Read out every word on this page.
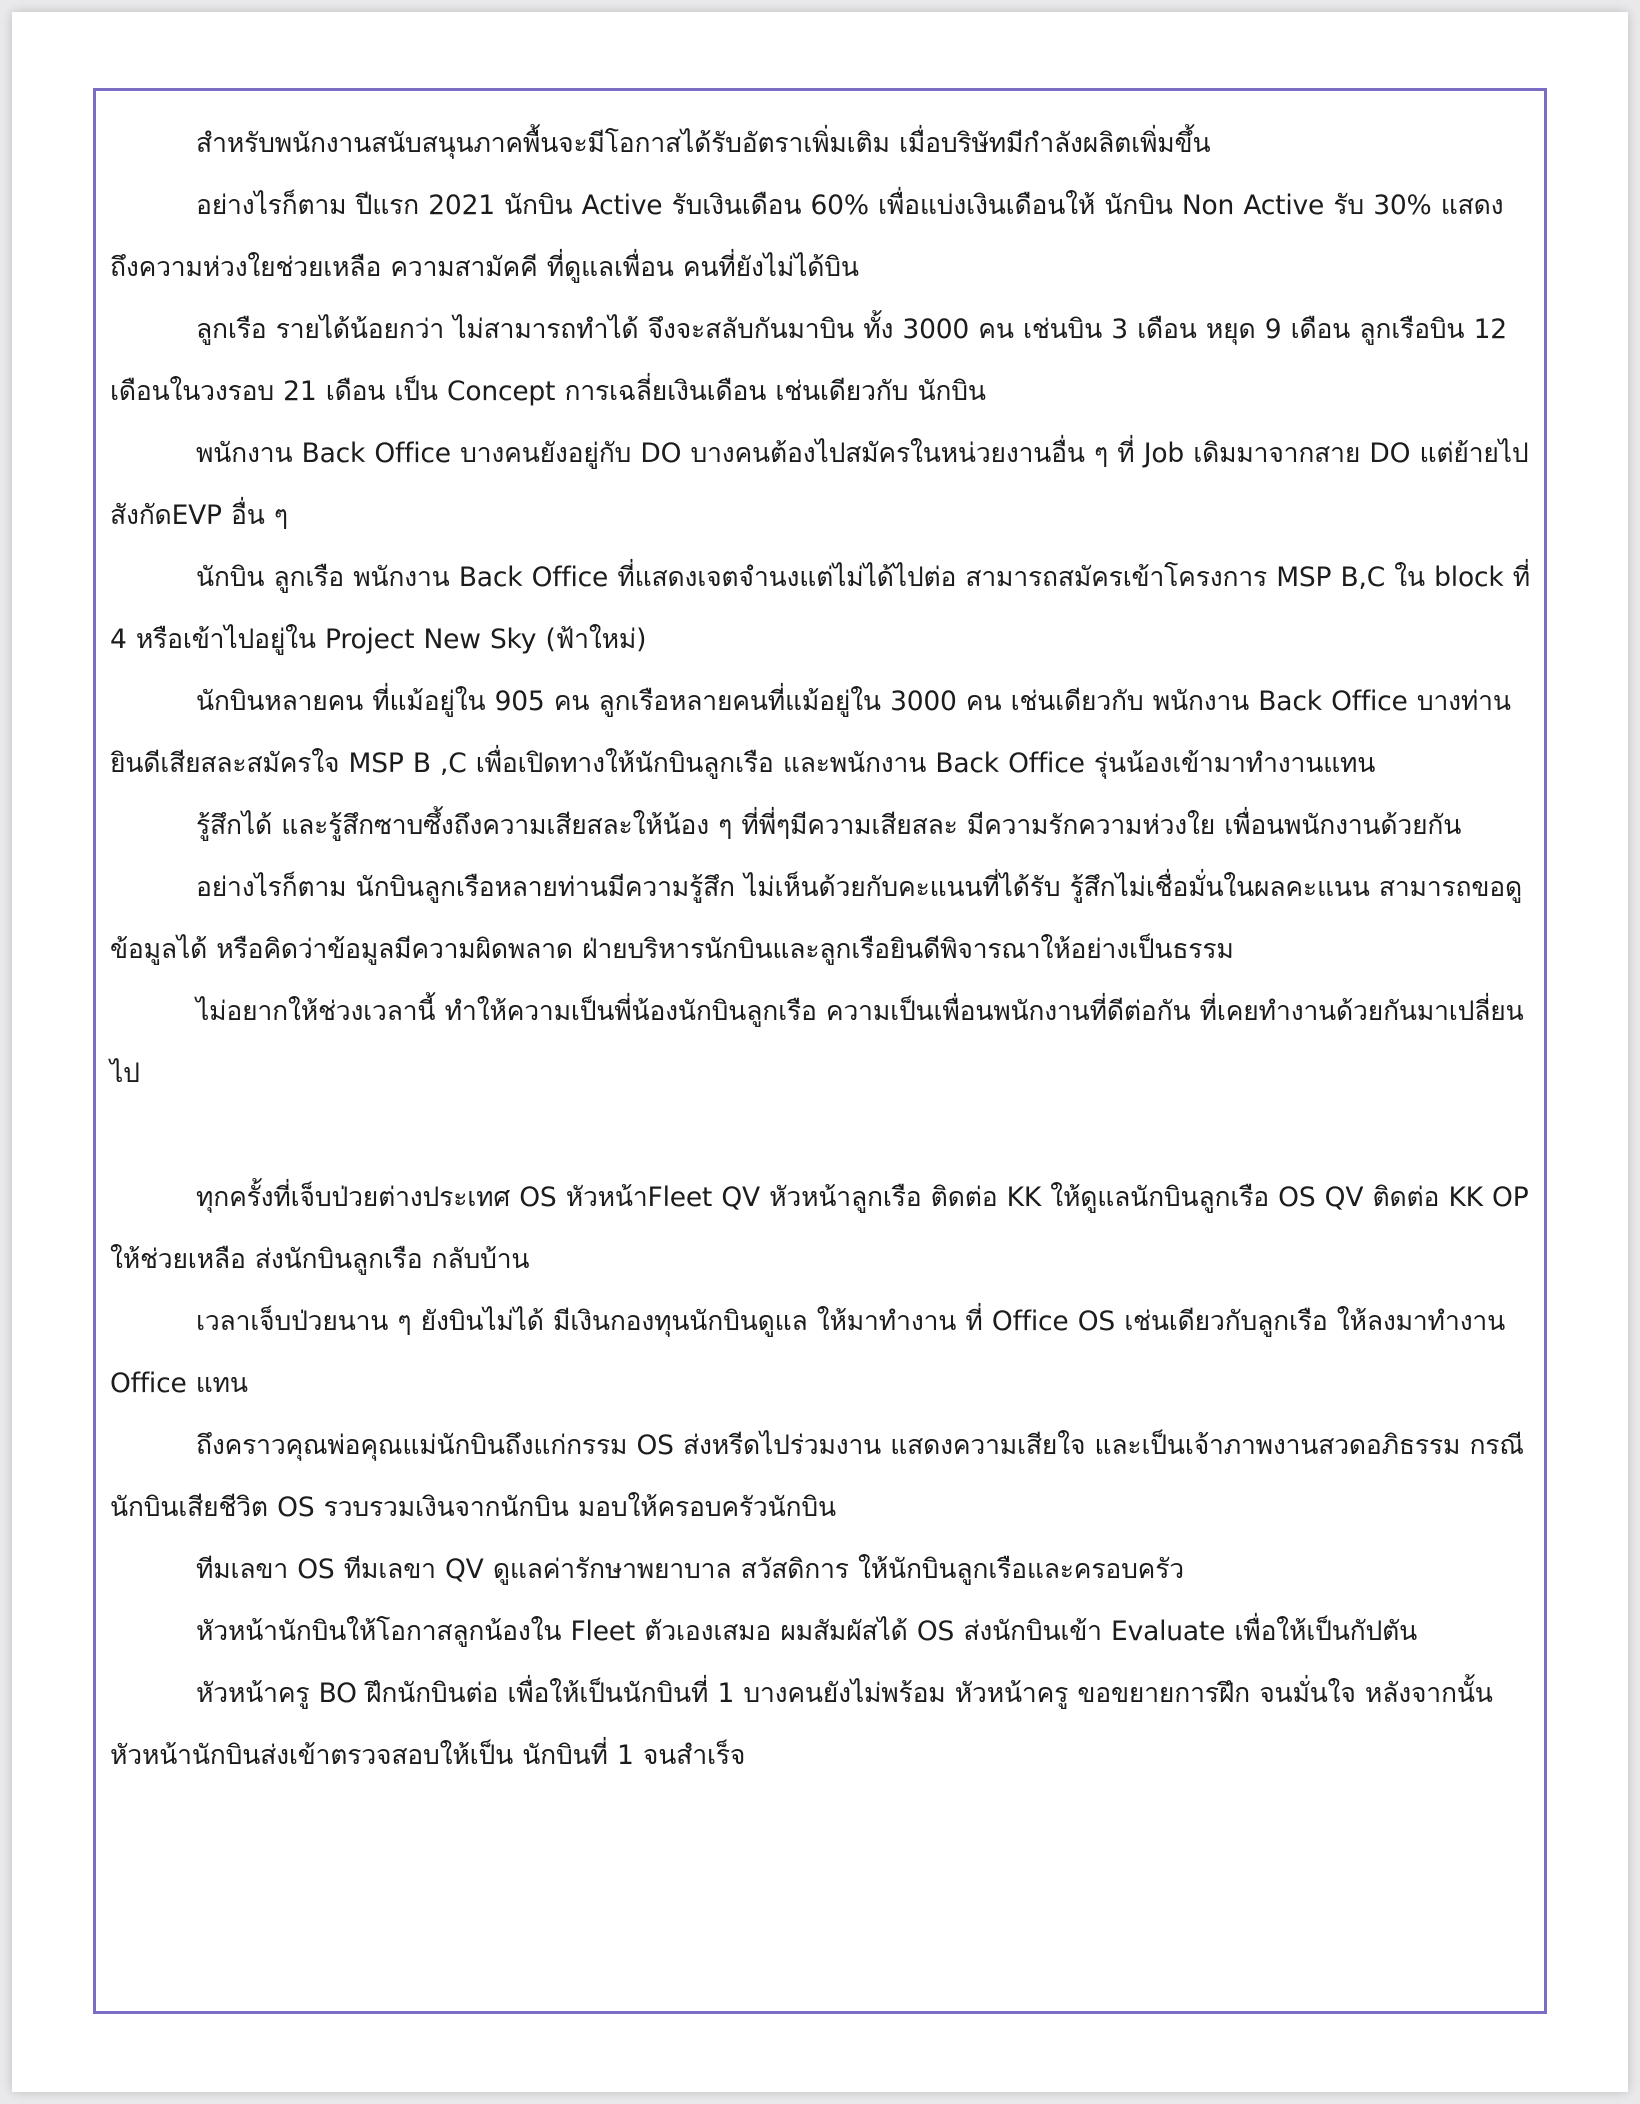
สำหรับพนักงานสนับสนุนภาคพื้นจะมีโอกาสได้รับอัตราเพิ่มเติม เมื่อบริษัทมีกำลังผลิตเพิ่มขึ้น

อย่างไรก็ตาม ปีแรก 2021 นักบิน Active รับเงินเดือน 60% เพื่อแบ่งเงินเดือนให้ นักบิน Non Active รับ 30% แสดงถึงความห่วงใยช่วยเหลือ ความสามัคคี ที่ดูแลเพื่อน คนที่ยังไม่ได้บิน

ลูกเรือ รายได้น้อยกว่า ไม่สามารถทำได้ จึงจะสลับกันมาบิน ทั้ง 3000 คน เช่นบิน 3 เดือน หยุด 9 เดือน ลูกเรือบิน 12 เดือนในวงรอบ 21 เดือน เป็น Concept การเฉลี่ยเงินเดือน เช่นเดียวกับ นักบิน

พนักงาน Back Office บางคนยังอยู่กับ DO บางคนต้องไปสมัครในหน่วยงานอื่น ๆ ที่ Job เดิมมาจากสาย DO แต่ย้ายไปสังกัดEVP อื่น ๆ

นักบิน ลูกเรือ พนักงาน Back Office ที่แสดงเจตจำนงแต่ไม่ได้ไปต่อ สามารถสมัครเข้าโครงการ MSP B,C ใน block ที่ 4 หรือเข้าไปอยู่ใน Project New Sky (ฟ้าใหม่)

นักบินหลายคน ที่แม้อยู่ใน 905 คน ลูกเรือหลายคนที่แม้อยู่ใน 3000 คน เช่นเดียวกับ พนักงาน Back Office บางท่าน ยินดีเสียสละสมัครใจ MSP B ,C เพื่อเปิดทางให้นักบินลูกเรือ และพนักงาน Back Office รุ่นน้องเข้ามาทำงานแทน

รู้สึกได้ และรู้สึกซาบซึ้งถึงความเสียสละให้น้อง ๆ ที่พี่ๆมีความเสียสละ มีความรักความห่วงใย เพื่อนพนักงานด้วยกัน

อย่างไรก็ตาม นักบินลูกเรือหลายท่านมีความรู้สึก ไม่เห็นด้วยกับคะแนนที่ได้รับ รู้สึกไม่เชื่อมั่นในผลคะแนน สามารถขอดูข้อมูลได้ หรือคิดว่าข้อมูลมีความผิดพลาด ฝ่ายบริหารนักบินและลูกเรือยินดีพิจารณาให้อย่างเป็นธรรม

ไม่อยากให้ช่วงเวลานี้ ทำให้ความเป็นพี่น้องนักบินลูกเรือ ความเป็นเพื่อนพนักงานที่ดีต่อกัน ที่เคยทำงานด้วยกันมาเปลี่ยนไป

ทุกครั้งที่เจ็บป่วยต่างประเทศ OS หัวหน้าFleet QV หัวหน้าลูกเรือ ติดต่อ KK ให้ดูแลนักบินลูกเรือ OS QV ติดต่อ KK OP ให้ช่วยเหลือ ส่งนักบินลูกเรือ กลับบ้าน

เวลาเจ็บป่วยนาน ๆ ยังบินไม่ได้ มีเงินกองทุนนักบินดูแล ให้มาทำงาน ที่ Office OS เช่นเดียวกับลูกเรือ ให้ลงมาทำงาน Office แทน

ถึงคราวคุณพ่อคุณแม่นักบินถึงแก่กรรม OS ส่งหรีดไปร่วมงาน แสดงความเสียใจ และเป็นเจ้าภาพงานสวดอภิธรรม กรณีนักบินเสียชีวิต OS รวบรวมเงินจากนักบิน มอบให้ครอบครัวนักบิน

ทีมเลขา OS ทีมเลขา QV ดูแลค่ารักษาพยาบาล สวัสดิการ ให้นักบินลูกเรือและครอบครัว

หัวหน้านักบินให้โอกาสลูกน้องใน Fleet ตัวเองเสมอ ผมสัมผัสได้ OS ส่งนักบินเข้า Evaluate เพื่อให้เป็นกัปตัน

หัวหน้าครู BO ฝึกนักบินต่อ เพื่อให้เป็นนักบินที่ 1 บางคนยังไม่พร้อม หัวหน้าครู ขอขยายการฝึก จนมั่นใจ หลังจากนั้น หัวหน้านักบินส่งเข้าตรวจสอบให้เป็น นักบินที่ 1 จนสำเร็จ
